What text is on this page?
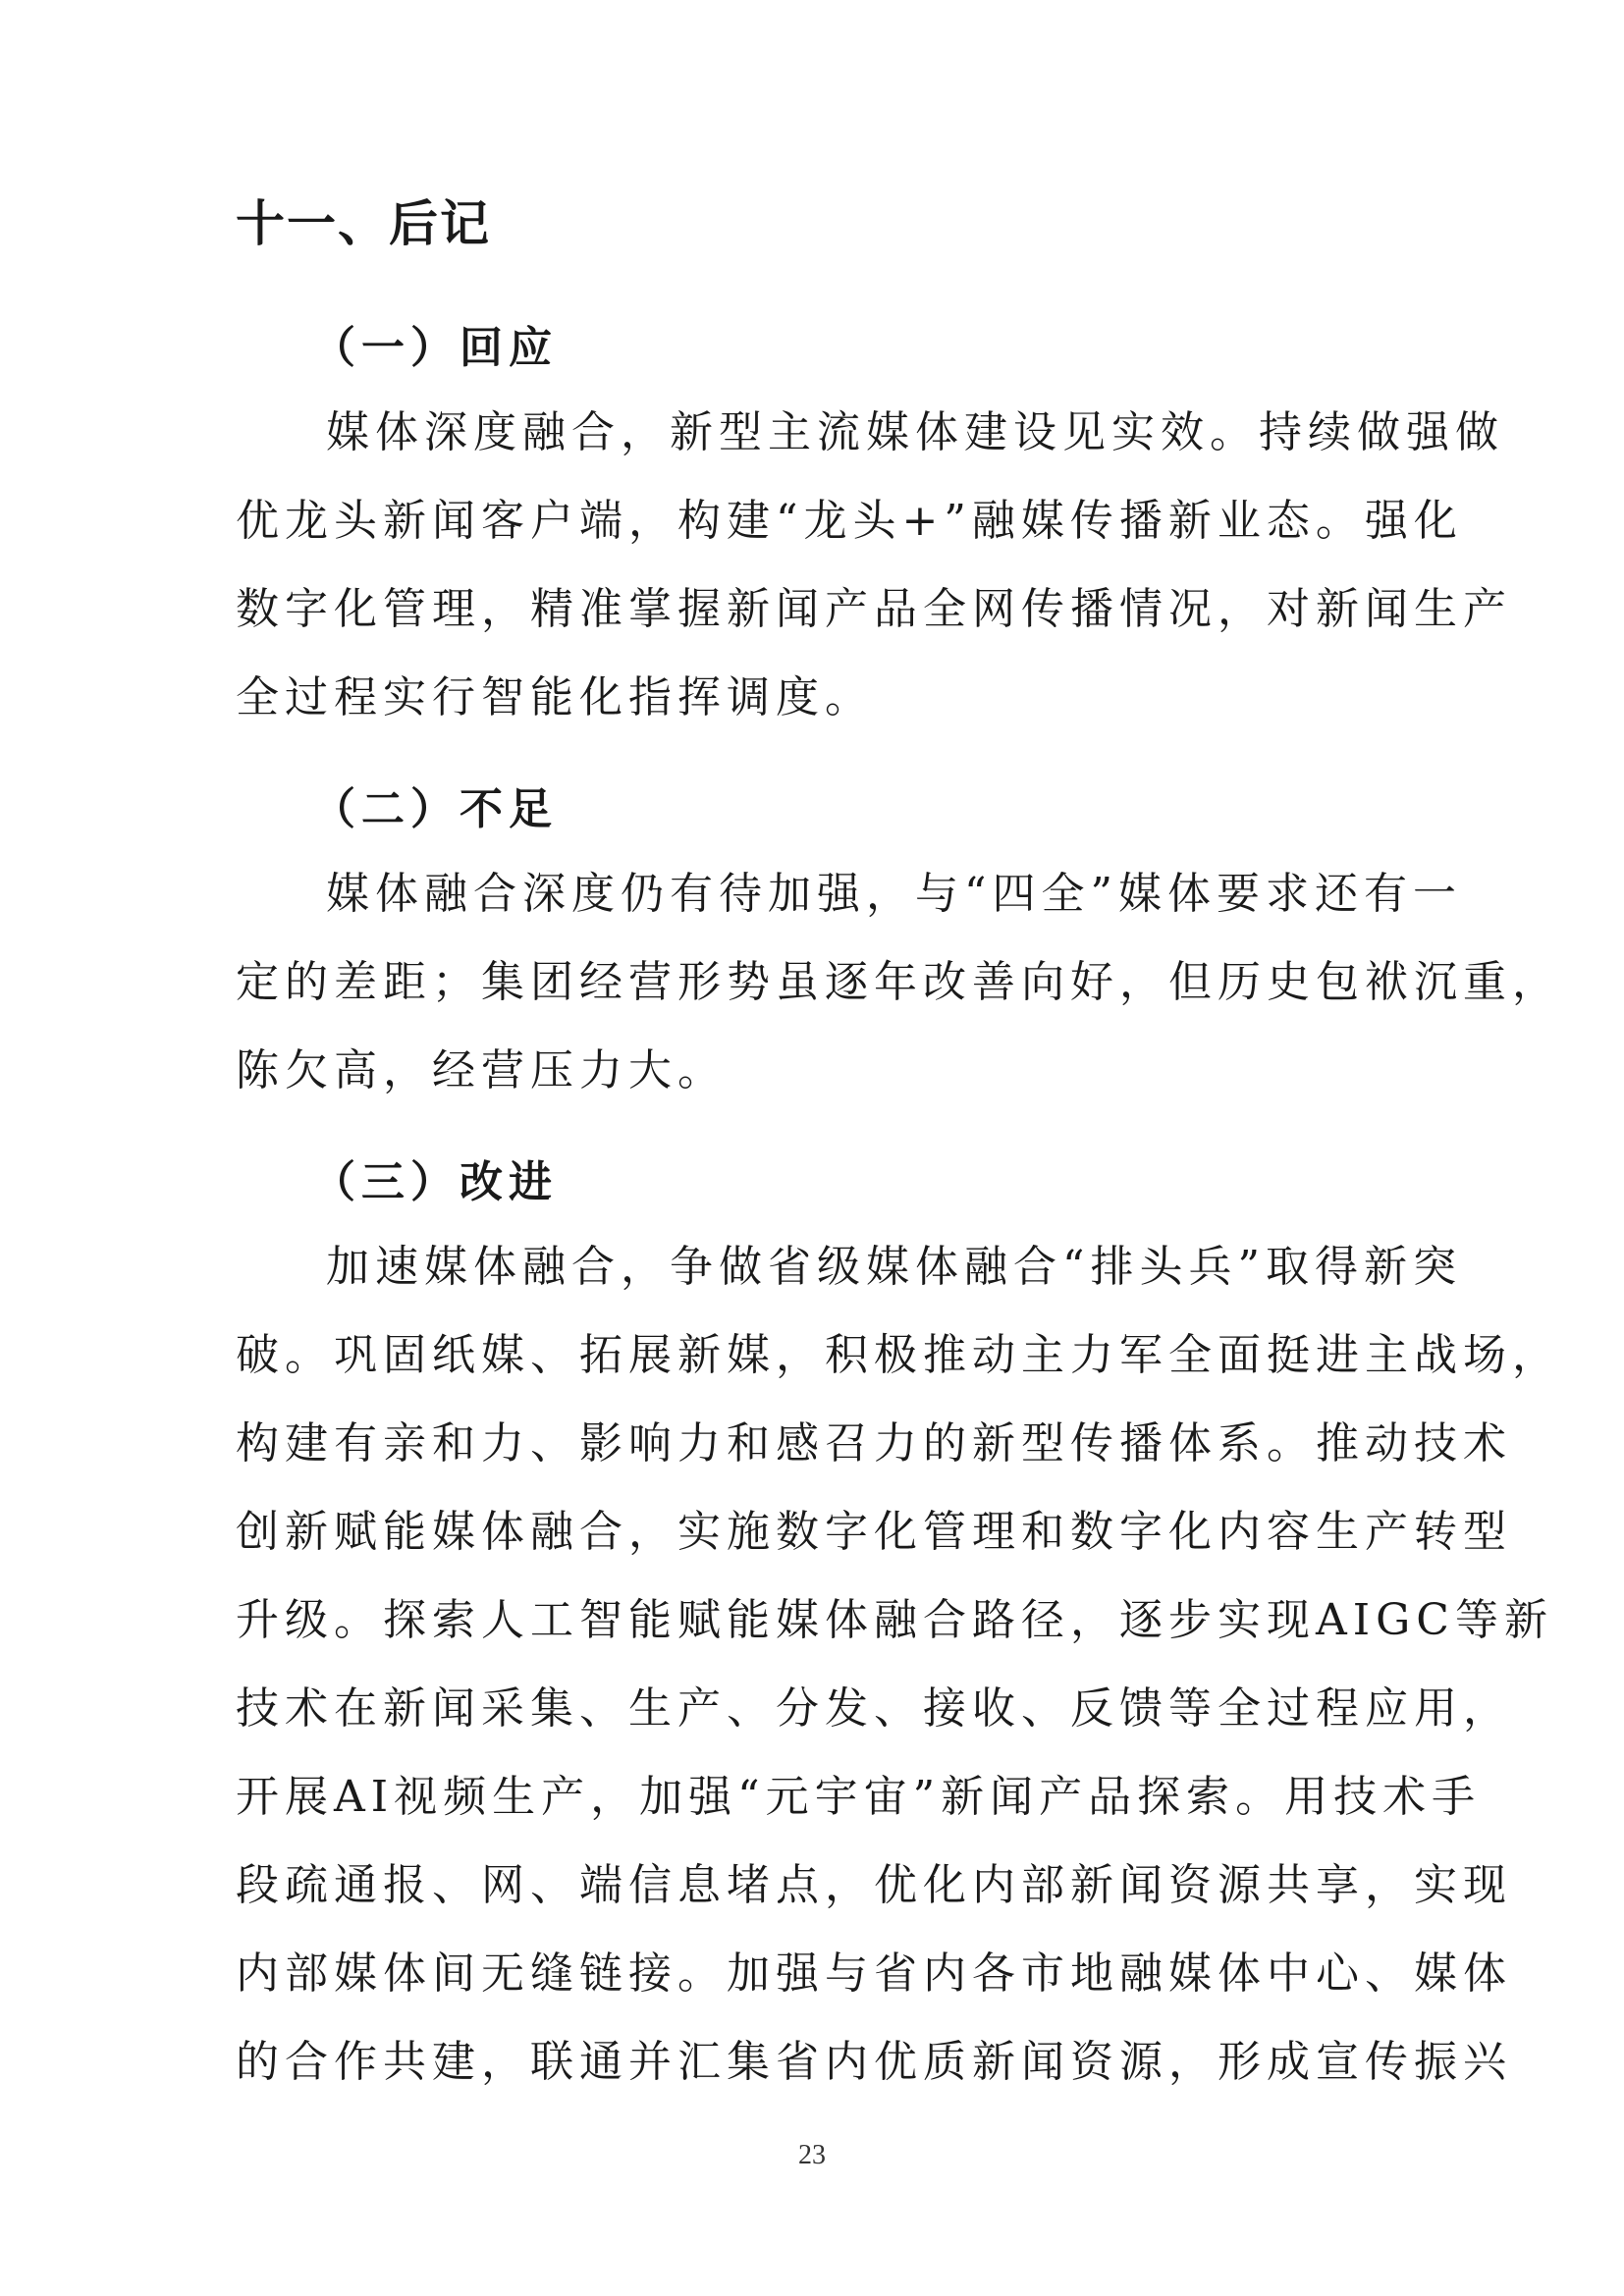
十一、后记
（一）回应
媒体深度融合，新型主流媒体建设见实效。持续做强做
优龙头新闻客户端，构建“龙头+”融媒传播新业态。强化
数字化管理，精准掌握新闻产品全网传播情况，对新闻生产
全过程实行智能化指挥调度。
（二）不足
媒体融合深度仍有待加强，与“四全”媒体要求还有一
定的差距；集团经营形势虽逐年改善向好，但历史包袱沉重，
陈欠高，经营压力大。
（三）改进
加速媒体融合，争做省级媒体融合“排头兵”取得新突
破。巩固纸媒、拓展新媒，积极推动主力军全面挺进主战场，
构建有亲和力、影响力和感召力的新型传播体系。推动技术
创新赋能媒体融合，实施数字化管理和数字化内容生产转型
升级。探索人工智能赋能媒体融合路径，逐步实现AIGC等新
技术在新闻采集、生产、分发、接收、反馈等全过程应用，
开展AI视频生产，加强“元宇宙”新闻产品探索。用技术手
段疏通报、网、端信息堵点，优化内部新闻资源共享，实现
内部媒体间无缝链接。加强与省内各市地融媒体中心、媒体
的合作共建，联通并汇集省内优质新闻资源，形成宣传振兴
23
